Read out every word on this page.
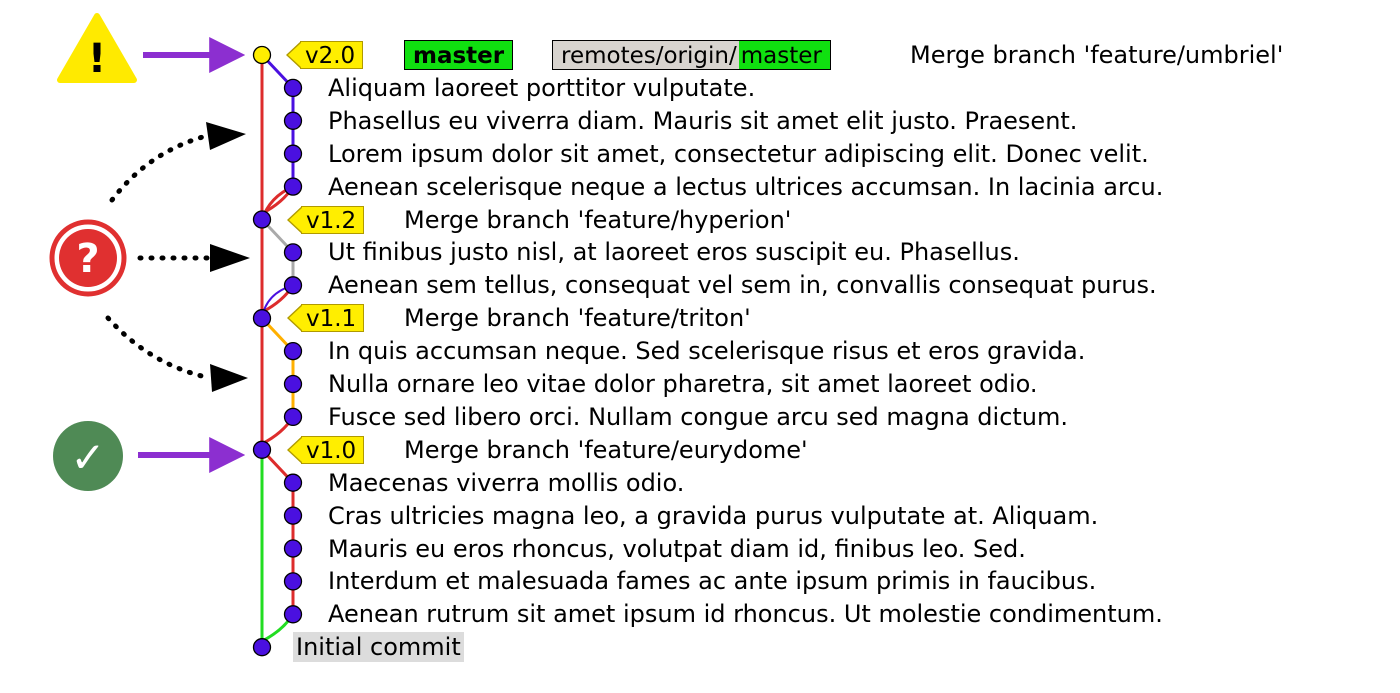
!
?
✓
v2.0	master	remotes/origin/ master	Merge branch 'feature/umbriel'
Aliquam laoreet porttitor vulputate.
Phasellus eu viverra diam. Mauris sit amet elit justo. Praesent.
Lorem ipsum dolor sit amet, consectetur adipiscing elit. Donec velit.
Aenean scelerisque neque a lectus ultrices accumsan. In lacinia arcu.
Merge branch 'feature/hyperion'
v1.2
Ut finibus justo nisl, at laoreet eros suscipit eu. Phasellus.
Aenean sem tellus, consequat vel sem in, convallis consequat purus.
Merge branch 'feature/triton'
v1.1
In quis accumsan neque. Sed scelerisque risus et eros gravida.
Nulla ornare leo vitae dolor pharetra, sit amet laoreet odio.
Fusce sed libero orci. Nullam congue arcu sed magna dictum.
Merge branch 'feature/eurydome'
v1.0
Maecenas viverra mollis odio.
Cras ultricies magna leo, a gravida purus vulputate at. Aliquam.
Mauris eu eros rhoncus, volutpat diam id, finibus leo. Sed.
Interdum et malesuada fames ac ante ipsum primis in faucibus.
Aenean rutrum sit amet ipsum id rhoncus. Ut molestie condimentum.
Initial commit
